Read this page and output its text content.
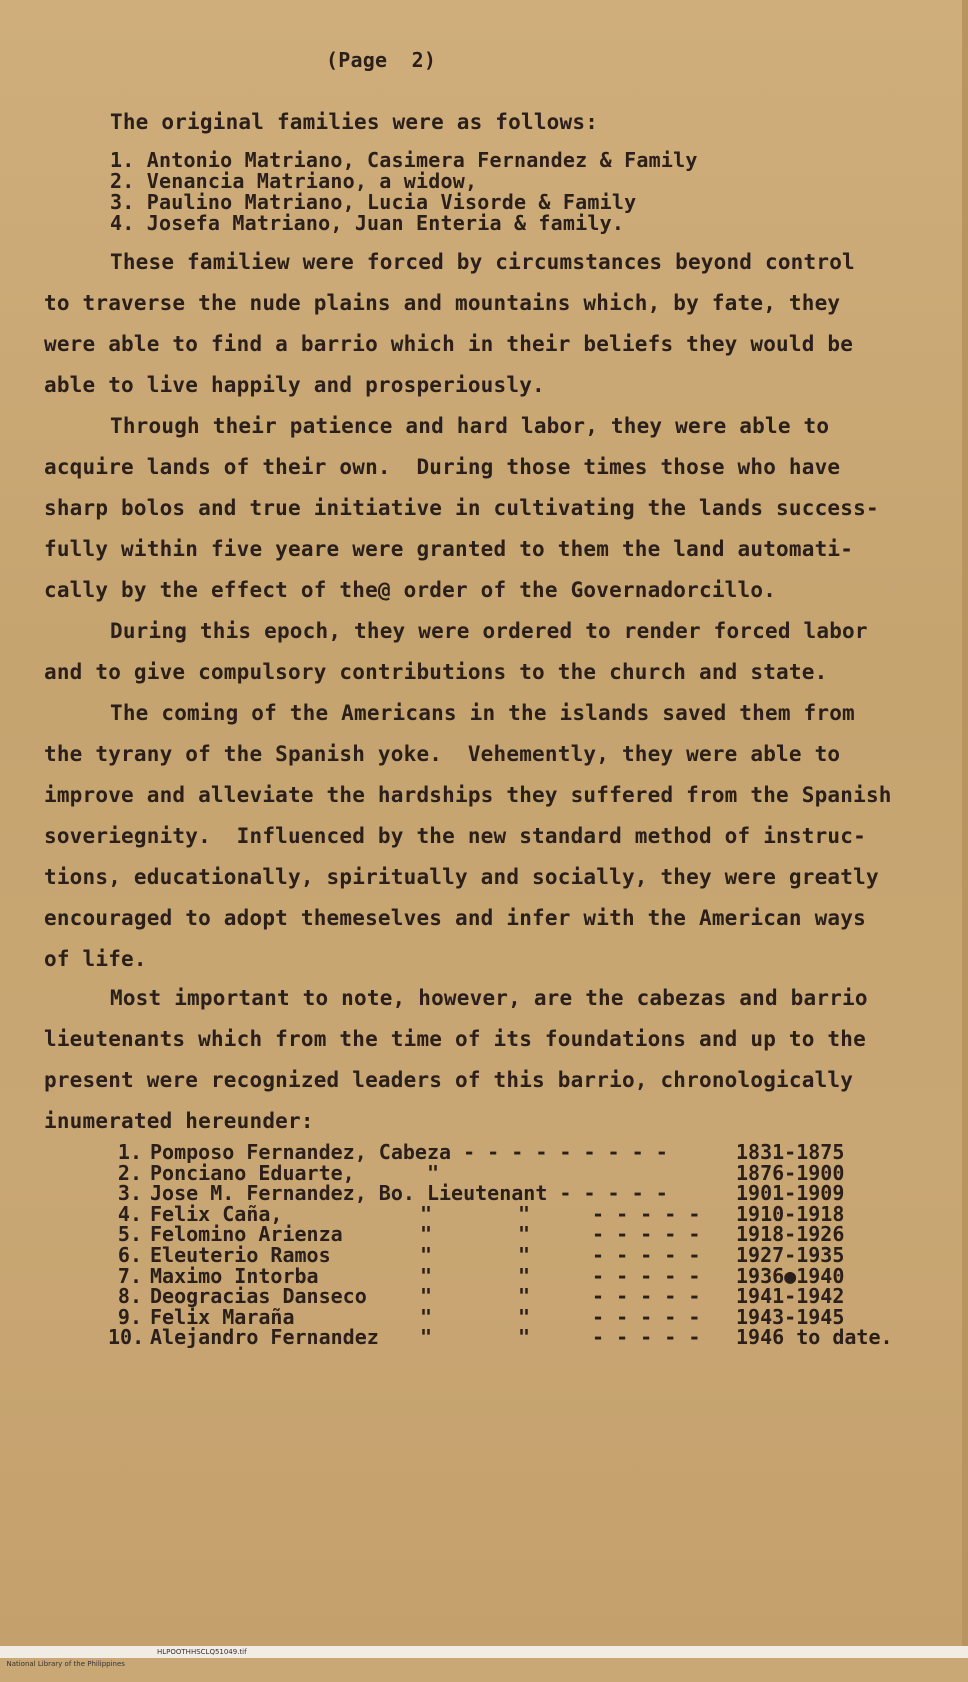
(Page  2)
The original families were as follows:
1. Antonio Matriano, Casimera Fernandez & Family
2. Venancia Matriano, a widow,
3. Paulino Matriano, Lucia Visorde & Family
4. Josefa Matriano, Juan Enteria & family.
These familiew were forced by circumstances beyond control
to traverse the nude plains and mountains which, by fate, they
were able to find a barrio which in their beliefs they would be
able to live happily and prosperiously.
Through their patience and hard labor, they were able to
acquire lands of their own.  During those times those who have
sharp bolos and true initiative in cultivating the lands success-
fully within five yeare were granted to them the land automati-
cally by the effect of the@ order of the Governadorcillo.
During this epoch, they were ordered to render forced labor
and to give compulsory contributions to the church and state.
The coming of the Americans in the islands saved them from
the tyrany of the Spanish yoke.  Vehemently, they were able to
improve and alleviate the hardships they suffered from the Spanish
soveriegnity.  Influenced by the new standard method of instruc-
tions, educationally, spiritually and socially, they were greatly
encouraged to adopt themeselves and infer with the American ways
of life.
Most important to note, however, are the cabezas and barrio
lieutenants which from the time of its foundations and up to the
present were recognized leaders of this barrio, chronologically
inumerated hereunder:
1. Pomposo Fernandez, Cabeza - - - - - - - - -	1831-1875
2. Ponciano Eduarte,      "	1876-1900
3. Jose M. Fernandez, Bo. Lieutenant - - - - -	1901-1909
4. Felix Caña,	"	"	- - - - - 1910-1918
5. Felomino Arienza	"	"	- - - - - 1918-1926
6. Eleuterio Ramos	"	"	- - - - - 1927-1935
7. Maximo Intorba	"	"	- - - - - 1936●1940
8. Deogracias Danseco	"	"	- - - - - 1941-1942
9. Felix Maraña	"	"	- - - - - 1943-1945
10. Alejandro Fernandez "	"	- - - - - 1946 to date.

National Library of the Philippines

HLPOOTHHSCLQ51049.tif
